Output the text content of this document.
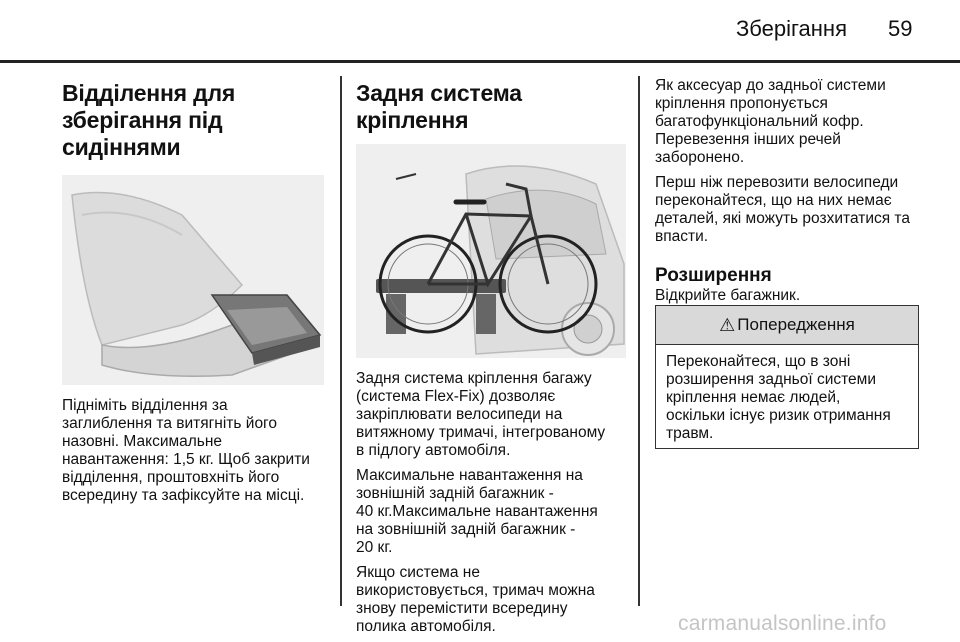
Зберігання 59
Відділення для
зберігання під сидіннями

Підніміть відділення за
заглиблення та витягніть його
назовні. Максимальне
навантаження: 1,5 кг. Щоб закрити
відділення, проштовхніть його
всередину та зафіксуйте на місці.

Задня система кріплення

Задня система кріплення багажу
(система Flex-Fix) дозволяє
закріплювати велосипеди на
витяжному тримачі, інтегрованому
в підлогу автомобіля.

Максимальне навантаження на
зовнішній задній багажник -
40 кг.Максимальне навантаження
на зовнішній задній багажник -
20 кг.

Якщо система не
використовується, тримач можна
знову перемістити всередину
полика автомобіля.

Як аксесуар до задньої системи
кріплення пропонується
багатофункціональний кофр.
Перевезення інших речей
заборонено.

Перш ніж перевозити велосипеди
переконайтеся, що на них немає
деталей, які можуть розхитатися та
впасти.

Розширення

Відкрийте багажник.

⚠ Попередження

Переконайтеся, що в зоні
розширення задньої системи
кріплення немає людей,
оскільки існує ризик отримання
травм.

carmanualsonline.info
